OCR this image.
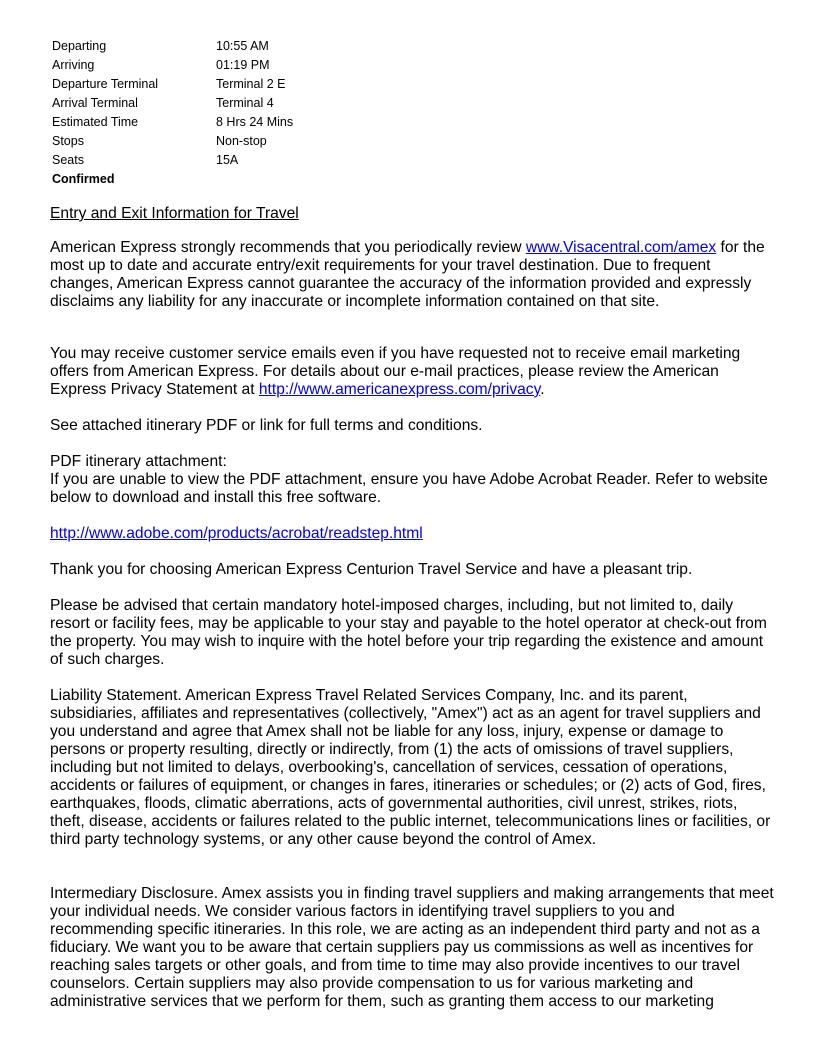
Departing	10:55 AM
Arriving	01:19 PM
Departure Terminal	Terminal 2 E
Arrival Terminal	Terminal 4
Estimated Time	8 Hrs 24 Mins
Stops	Non-stop
Seats	15A
Confirmed

Entry and Exit Information for Travel

American Express strongly recommends that you periodically review www.Visacentral.com/amex for the most up to date and accurate entry/exit requirements for your travel destination. Due to frequent changes, American Express cannot guarantee the accuracy of the information provided and expressly disclaims any liability for any inaccurate or incomplete information contained on that site.

You may receive customer service emails even if you have requested not to receive email marketing offers from American Express. For details about our e-mail practices, please review the American Express Privacy Statement at http://www.americanexpress.com/privacy.

See attached itinerary PDF or link for full terms and conditions.

PDF itinerary attachment:

If you are unable to view the PDF attachment, ensure you have Adobe Acrobat Reader. Refer to website below to download and install this free software.

http://www.adobe.com/products/acrobat/readstep.html

Thank you for choosing American Express Centurion Travel Service and have a pleasant trip.

Please be advised that certain mandatory hotel-imposed charges, including, but not limited to, daily resort or facility fees, may be applicable to your stay and payable to the hotel operator at check-out from the property. You may wish to inquire with the hotel before your trip regarding the existence and amount of such charges.

Liability Statement. American Express Travel Related Services Company, Inc. and its parent, subsidiaries, affiliates and representatives (collectively, "Amex") act as an agent for travel suppliers and you understand and agree that Amex shall not be liable for any loss, injury, expense or damage to persons or property resulting, directly or indirectly, from (1) the acts of omissions of travel suppliers, including but not limited to delays, overbooking's, cancellation of services, cessation of operations, accidents or failures of equipment, or changes in fares, itineraries or schedules; or (2) acts of God, fires, earthquakes, floods, climatic aberrations, acts of governmental authorities, civil unrest, strikes, riots, theft, disease, accidents or failures related to the public internet, telecommunications lines or facilities, or third party technology systems, or any other cause beyond the control of Amex.

Intermediary Disclosure. Amex assists you in finding travel suppliers and making arrangements that meet your individual needs. We consider various factors in identifying travel suppliers to you and recommending specific itineraries. In this role, we are acting as an independent third party and not as a fiduciary. We want you to be aware that certain suppliers pay us commissions as well as incentives for reaching sales targets or other goals, and from time to time may also provide incentives to our travel counselors. Certain suppliers may also provide compensation to us for various marketing and administrative services that we perform for them, such as granting them access to our marketing
